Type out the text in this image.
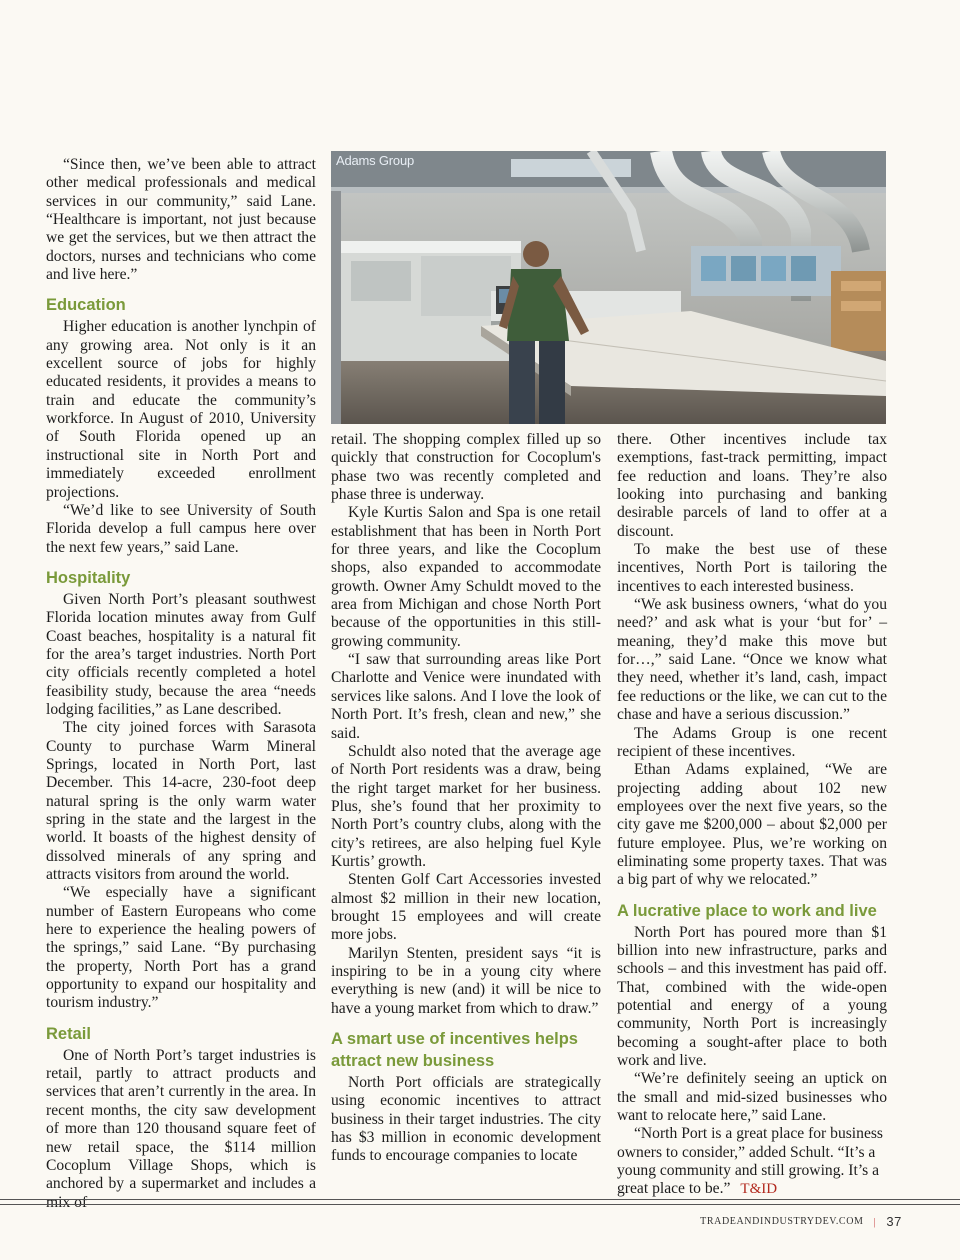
Adams Group

“Since then, we’ve been able to attract other medical professionals and medical services in our community,” said Lane. “Healthcare is important, not just because we get the services, but we then attract the doctors, nurses and technicians who come and live here.”

Education

Higher education is another lynchpin of any growing area. Not only is it an excellent source of jobs for highly educated residents, it provides a means to train and educate the community’s workforce. In August of 2010, University of South Florida opened up an instructional site in North Port and immediately exceeded enrollment projections.

“We’d like to see University of South Florida develop a full campus here over the next few years,” said Lane.

Hospitality

Given North Port’s pleasant southwest Florida location minutes away from Gulf Coast beaches, hospitality is a natural fit for the area’s target industries. North Port city officials recently completed a hotel feasibility study, because the area “needs lodging facilities,” as Lane described.

The city joined forces with Sarasota County to purchase Warm Mineral Springs, located in North Port, last December. This 14-acre, 230-foot deep natural spring is the only warm water spring in the state and the largest in the world. It boasts of the highest density of dissolved minerals of any spring and attracts visitors from around the world.

“We especially have a significant number of Eastern Europeans who come here to experience the healing powers of the springs,” said Lane. “By purchasing the property, North Port has a grand opportunity to expand our hospitality and tourism industry.”

Retail

One of North Port’s target industries is retail, partly to attract products and services that aren’t currently in the area. In recent months, the city saw development of more than 120 thousand square feet of new retail space, the $114 million Cocoplum Village Shops, which is anchored by a supermarket and includes a mix of

retail. The shopping complex filled up so quickly that construction for Cocoplum's phase two was recently completed and phase three is underway.

Kyle Kurtis Salon and Spa is one retail establishment that has been in North Port for three years, and like the Cocoplum shops, also expanded to accommodate growth. Owner Amy Schuldt moved to the area from Michigan and chose North Port because of the opportunities in this still-growing community.

“I saw that surrounding areas like Port Charlotte and Venice were inundated with services like salons. And I love the look of North Port. It’s fresh, clean and new,” she said.

Schuldt also noted that the average age of North Port residents was a draw, being the right target market for her business. Plus, she’s found that her proximity to North Port’s country clubs, along with the city’s retirees, are also helping fuel Kyle Kurtis’ growth.

Stenten Golf Cart Accessories invested almost $2 million in their new location, brought 15 employees and will create more jobs.

Marilyn Stenten, president says “it is inspiring to be in a young city where everything is new (and) it will be nice to have a young market from which to draw.”

A smart use of incentives helps attract new business

North Port officials are strategically using economic incentives to attract business in their target industries. The city has $3 million in economic development funds to encourage companies to locate

there. Other incentives include tax exemptions, fast-track permitting, impact fee reduction and loans. They’re also looking into purchasing and banking desirable parcels of land to offer at a discount.

To make the best use of these incentives, North Port is tailoring the incentives to each interested business.

“We ask business owners, ‘what do you need?’ and ask what is your ‘but for’ – meaning, they’d make this move but for…,” said Lane. “Once we know what they need, whether it’s land, cash, impact fee reductions or the like, we can cut to the chase and have a serious discussion.”

The Adams Group is one recent recipient of these incentives.

Ethan Adams explained, “We are projecting adding about 102 new employees over the next five years, so the city gave me $200,000 – about $2,000 per future employee. Plus, we’re working on eliminating some property taxes. That was a big part of why we relocated.”

A lucrative place to work and live

North Port has poured more than $1 billion into new infrastructure, parks and schools – and this investment has paid off. That, combined with the wide-open potential and energy of a young community, North Port is increasingly becoming a sought-after place to both work and live.

“We’re definitely seeing an uptick on the small and mid-sized businesses who want to relocate here,” said Lane.

“North Port is a great place for business owners to consider,” added Schult. “It’s a young community and still growing. It’s a great place to be.” T&ID

TRADEANDINDUSTRYDEV.COM | 37
